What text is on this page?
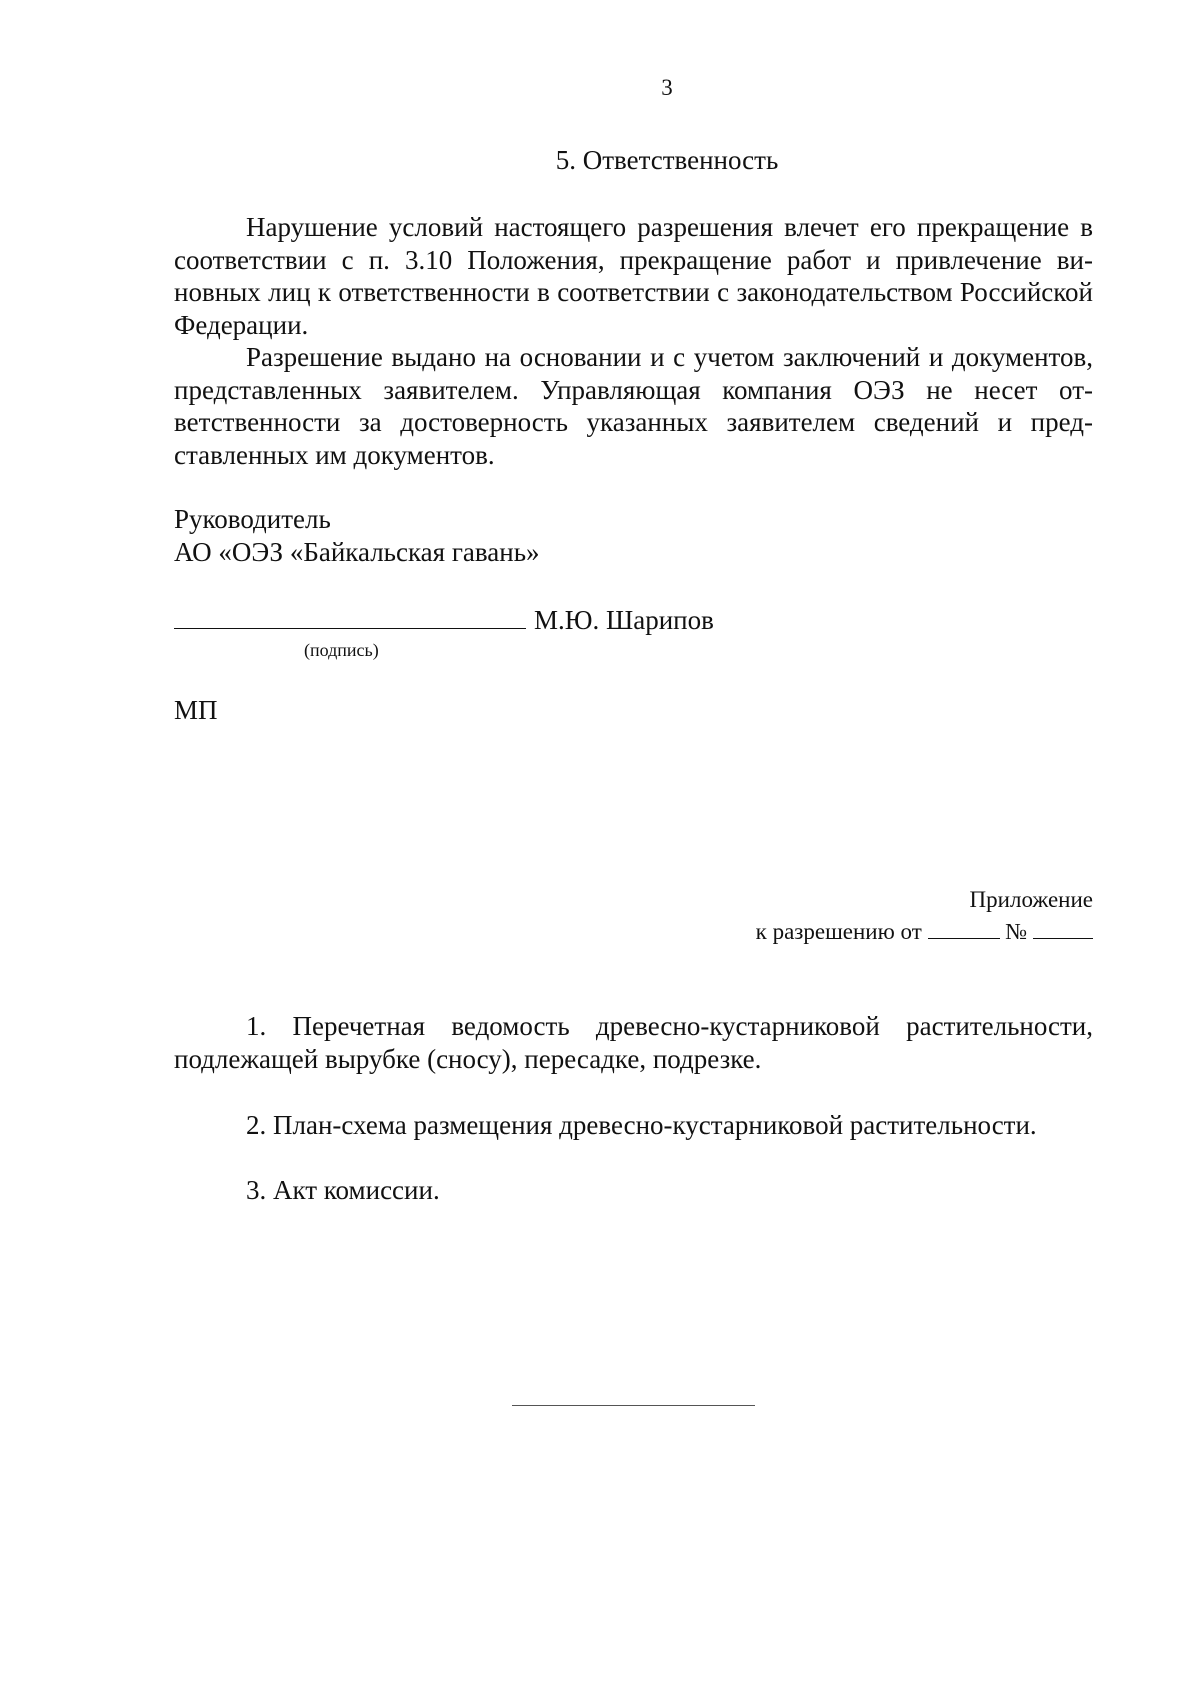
3
5. Ответственность

Нарушение условий настоящего разрешения влечет его прекращение в соответствии с п. 3.10 Положения, прекращение работ и привлечение виновных лиц к ответственности в соответствии с законодательством Российской Федерации.

Разрешение выдано на основании и с учетом заключений и документов, представленных заявителем. Управляющая компания ОЭЗ не несет ответственности за достоверность указанных заявителем сведений и представленных им документов.

Руководитель
АО «ОЭЗ «Байкальская гавань»
М.Ю. Шарипов
(подпись)
МП
Приложение
к разрешению от	№

1. Перечетная ведомость древесно-кустарниковой растительности, подлежащей вырубке (сносу), пересадке, подрезке.

2. План-схема размещения древесно-кустарниковой растительности.

3. Акт комиссии.
